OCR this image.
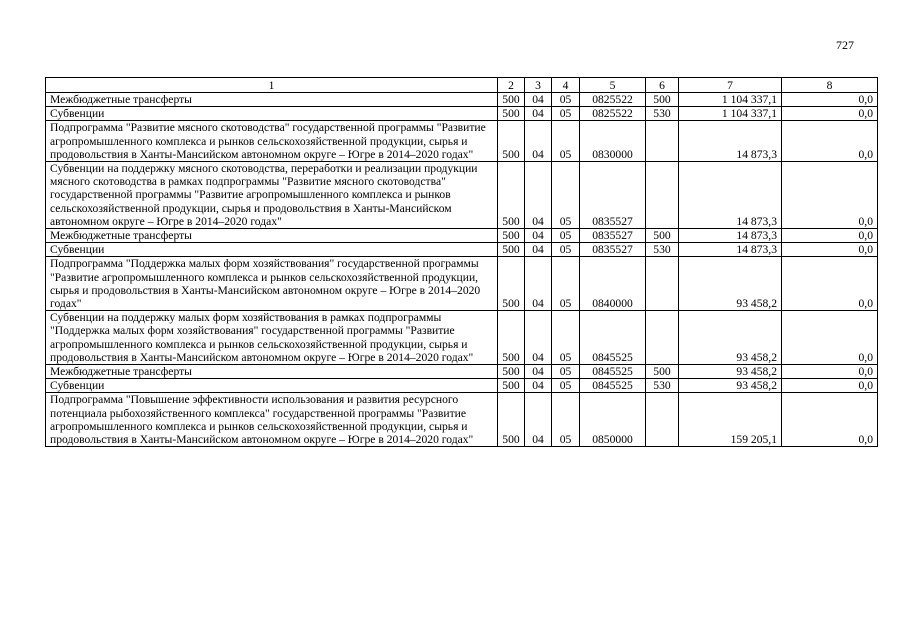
727
1	2	3	4	5	6	7	8
Межбюджетные трансферты	500	04	05	0825522	500	1 104 337,1	0,0
Субвенции	500	04	05	0825522	530	1 104 337,1	0,0
Подпрограмма "Развитие мясного скотоводства" государственной программы "Развитие агропромышленного комплекса и рынков сельскохозяйственной продукции, сырья и продовольствия в Ханты-Мансийском автономном округе – Югре в 2014–2020 годах"	500	04	05	0830000		14 873,3	0,0
Субвенции на поддержку мясного скотоводства, переработки и реализации продукции мясного скотоводства в рамках подпрограммы "Развитие мясного скотоводства" государственной программы "Развитие агропромышленного комплекса и рынков сельскохозяйственной продукции, сырья и продовольствия в Ханты-Мансийском автономном округе – Югре в 2014–2020 годах"	500	04	05	0835527		14 873,3	0,0
Межбюджетные трансферты	500	04	05	0835527	500	14 873,3	0,0
Субвенции	500	04	05	0835527	530	14 873,3	0,0
Подпрограмма "Поддержка малых форм хозяйствования" государственной программы "Развитие агропромышленного комплекса и рынков сельскохозяйственной продукции, сырья и продовольствия в Ханты-Мансийском автономном округе – Югре в 2014–2020 годах"	500	04	05	0840000		93 458,2	0,0
Субвенции на поддержку малых форм хозяйствования в рамках подпрограммы "Поддержка малых форм хозяйствования" государственной программы "Развитие агропромышленного комплекса и рынков сельскохозяйственной продукции, сырья и продовольствия в Ханты-Мансийском автономном округе – Югре в 2014–2020 годах"	500	04	05	0845525		93 458,2	0,0
Межбюджетные трансферты	500	04	05	0845525	500	93 458,2	0,0
Субвенции	500	04	05	0845525	530	93 458,2	0,0
Подпрограмма "Повышение эффективности использования и развития ресурсного потенциала рыбохозяйственного комплекса" государственной программы "Развитие агропромышленного комплекса и рынков сельскохозяйственной продукции, сырья и продовольствия в Ханты-Мансийском автономном округе – Югре в 2014–2020 годах"	500	04	05	0850000		159 205,1	0,0
